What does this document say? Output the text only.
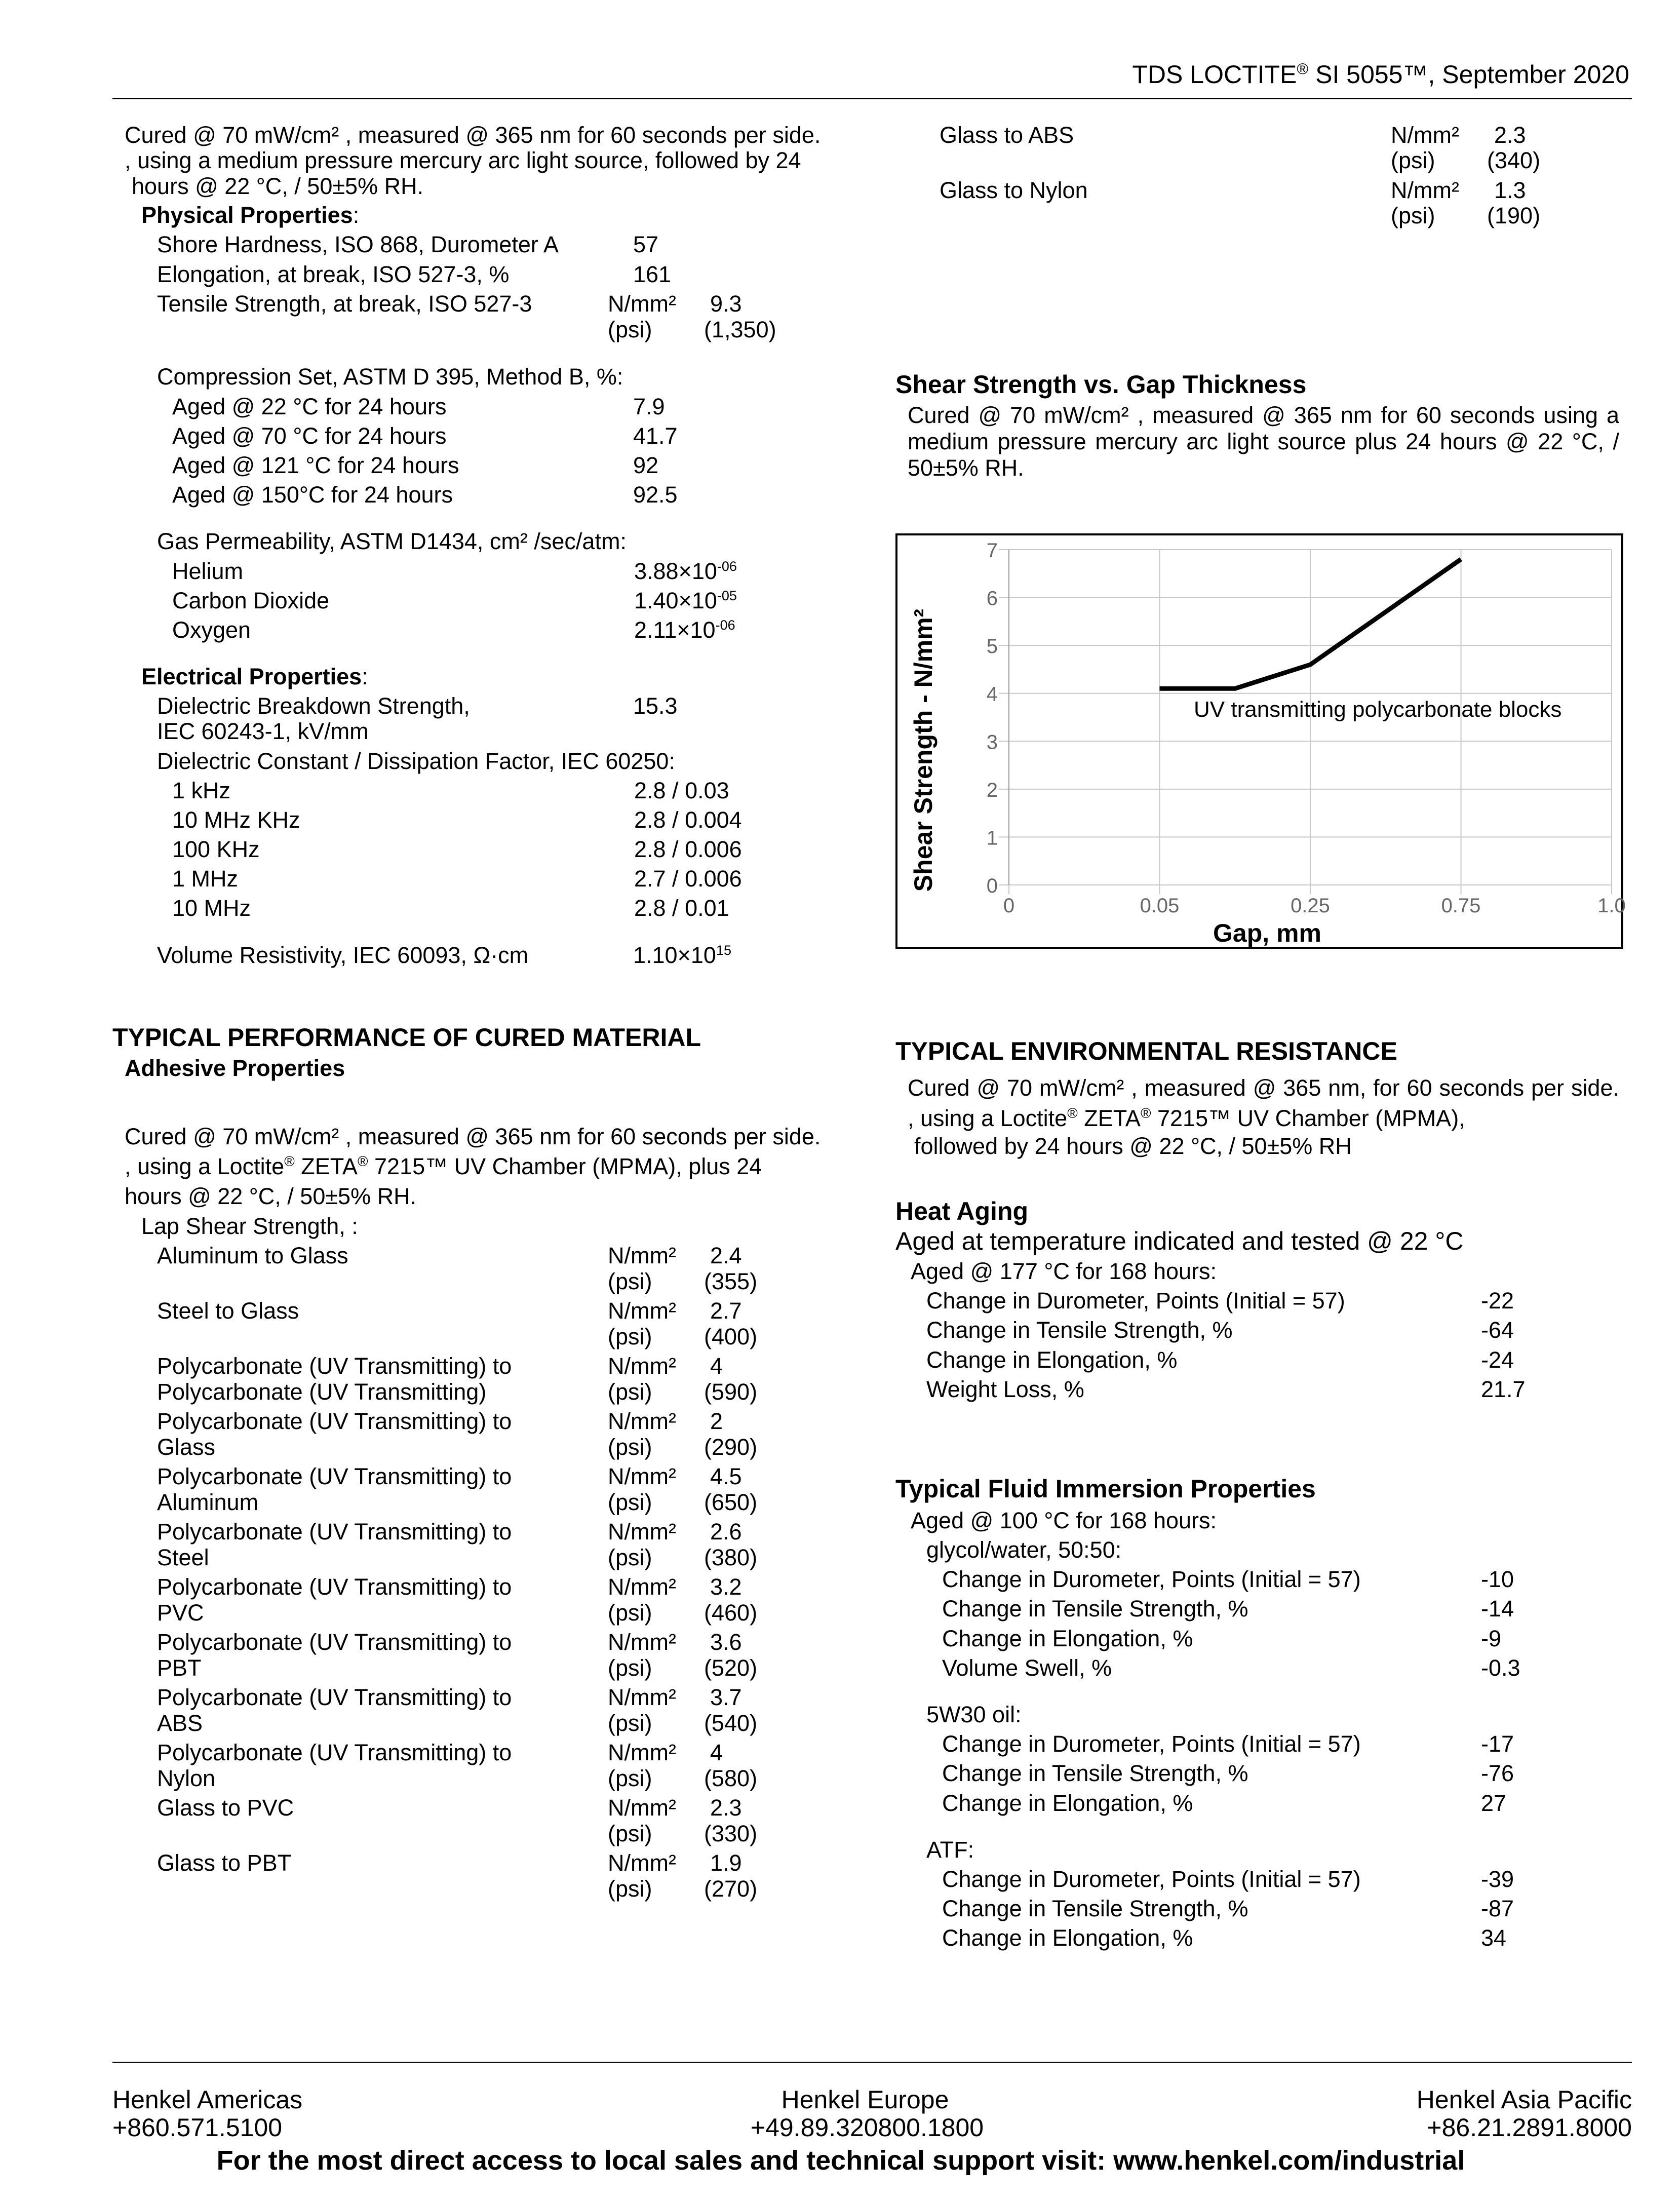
TDS LOCTITE® SI 5055™, September 2020
Cured @ 70 mW/cm² , measured @ 365 nm for 60 seconds per side.
, using a medium pressure mercury arc light source, followed by 24
hours @ 22 °C, / 50±5% RH.
Physical Properties:
Shore Hardness, ISO 868, Durometer A	57
Elongation, at break, ISO 527-3, %	161
Tensile Strength, at break, ISO 527-3	N/mm² 9.3
(psi) (1,350)
Compression Set, ASTM D 395, Method B, %:
Aged @ 22 °C for 24 hours	7.9
Aged @ 70 °C for 24 hours	41.7
Aged @ 121 °C for 24 hours	92
Aged @ 150°C for 24 hours	92.5
Gas Permeability, ASTM D1434, cm² /sec/atm:
Helium	$3.88\times 10^{-06}$
Carbon Dioxide	$1.40\times 10^{-05}$
Oxygen	$2.11\times 10^{-06}$
Electrical Properties:
Dielectric Breakdown Strength,
IEC 60243-1, kV/mm
15.3
Dielectric Constant / Dissipation Factor, IEC 60250:
1 kHz	2.8 / 0.03
10 MHz KHz	2.8 / 0.004
100 KHz	2.8 / 0.006
1 MHz	2.7 / 0.006
10 MHz	2.8 / 0.01
Volume Resistivity, IEC 60093, Ω·cm	$1.10\times 10^{15}$
TYPICAL PERFORMANCE OF CURED MATERIAL
Adhesive Properties
Cured @ 70 mW/cm² , measured @ 365 nm for 60 seconds per side.
, using a Loctite® ZETA® 7215™ UV Chamber (MPMA), plus 24
hours @ 22 °C, / 50±5% RH.
Lap Shear Strength, :
Aluminum to Glass	N/mm² 2.4
(psi) (355)
Steel to Glass	N/mm² 2.7
(psi) (400)
Polycarbonate (UV Transmitting) to
Polycarbonate (UV Transmitting)
N/mm² 4
(psi) (590)
Polycarbonate (UV Transmitting) to
Glass
N/mm² 2
(psi) (290)
Polycarbonate (UV Transmitting) to
Aluminum
N/mm² 4.5
(psi) (650)
Polycarbonate (UV Transmitting) to
Steel
N/mm² 2.6
(psi) (380)
Polycarbonate (UV Transmitting) to
PVC
N/mm² 3.2
(psi) (460)
Polycarbonate (UV Transmitting) to
PBT
N/mm² 3.6
(psi) (520)
Polycarbonate (UV Transmitting) to
ABS
N/mm² 3.7
(psi) (540)
Polycarbonate (UV Transmitting) to
Nylon
N/mm² 4
(psi) (580)
Glass to PVC	N/mm² 2.3
(psi) (330)
Glass to PBT	N/mm² 1.9
(psi) (270)
Glass to ABS	N/mm² 2.3
(psi) (340)
Glass to Nylon	N/mm² 1.3
(psi) (190)
Shear Strength vs. Gap Thickness
Cured @ 70 mW/cm² , measured @ 365 nm for 60 seconds using a medium pressure mercury arc light source plus 24 hours @ 22 °C, / 50±5% RH.
0
1
2
3
4
5
6
7
0	0.05	0.25	0.75	1.0
UV transmitting polycarbonate blocks
Gap, mm
Shear Strength - N/mm²
TYPICAL ENVIRONMENTAL RESISTANCE
Cured @ 70 mW/cm² , measured @ 365 nm, for 60 seconds per side. , using a Loctite® ZETA® 7215™ UV Chamber (MPMA),
followed by 24 hours @ 22 °C, / 50±5% RH
Heat Aging
Aged at temperature indicated and tested @ 22 °C
Aged @ 177 °C for 168 hours:
Change in Durometer, Points (Initial = 57)	-22
Change in Tensile Strength, %	-64
Change in Elongation, %	-24
Weight Loss, %	21.7
Typical Fluid Immersion Properties
Aged @ 100 °C for 168 hours:
glycol/water, 50:50:
Change in Durometer, Points (Initial = 57)	-10
Change in Tensile Strength, %	-14
Change in Elongation, %	-9
Volume Swell, %	-0.3
5W30 oil:
Change in Durometer, Points (Initial = 57)	-17
Change in Tensile Strength, %	-76
Change in Elongation, %	27
ATF:
Change in Durometer, Points (Initial = 57)	-39
Change in Tensile Strength, %	-87
Change in Elongation, %	34
Henkel Americas
+860.571.5100
Henkel Europe
+49.89.320800.1800
Henkel Asia Pacific
+86.21.2891.8000
For the most direct access to local sales and technical support visit: www.henkel.com/industrial
